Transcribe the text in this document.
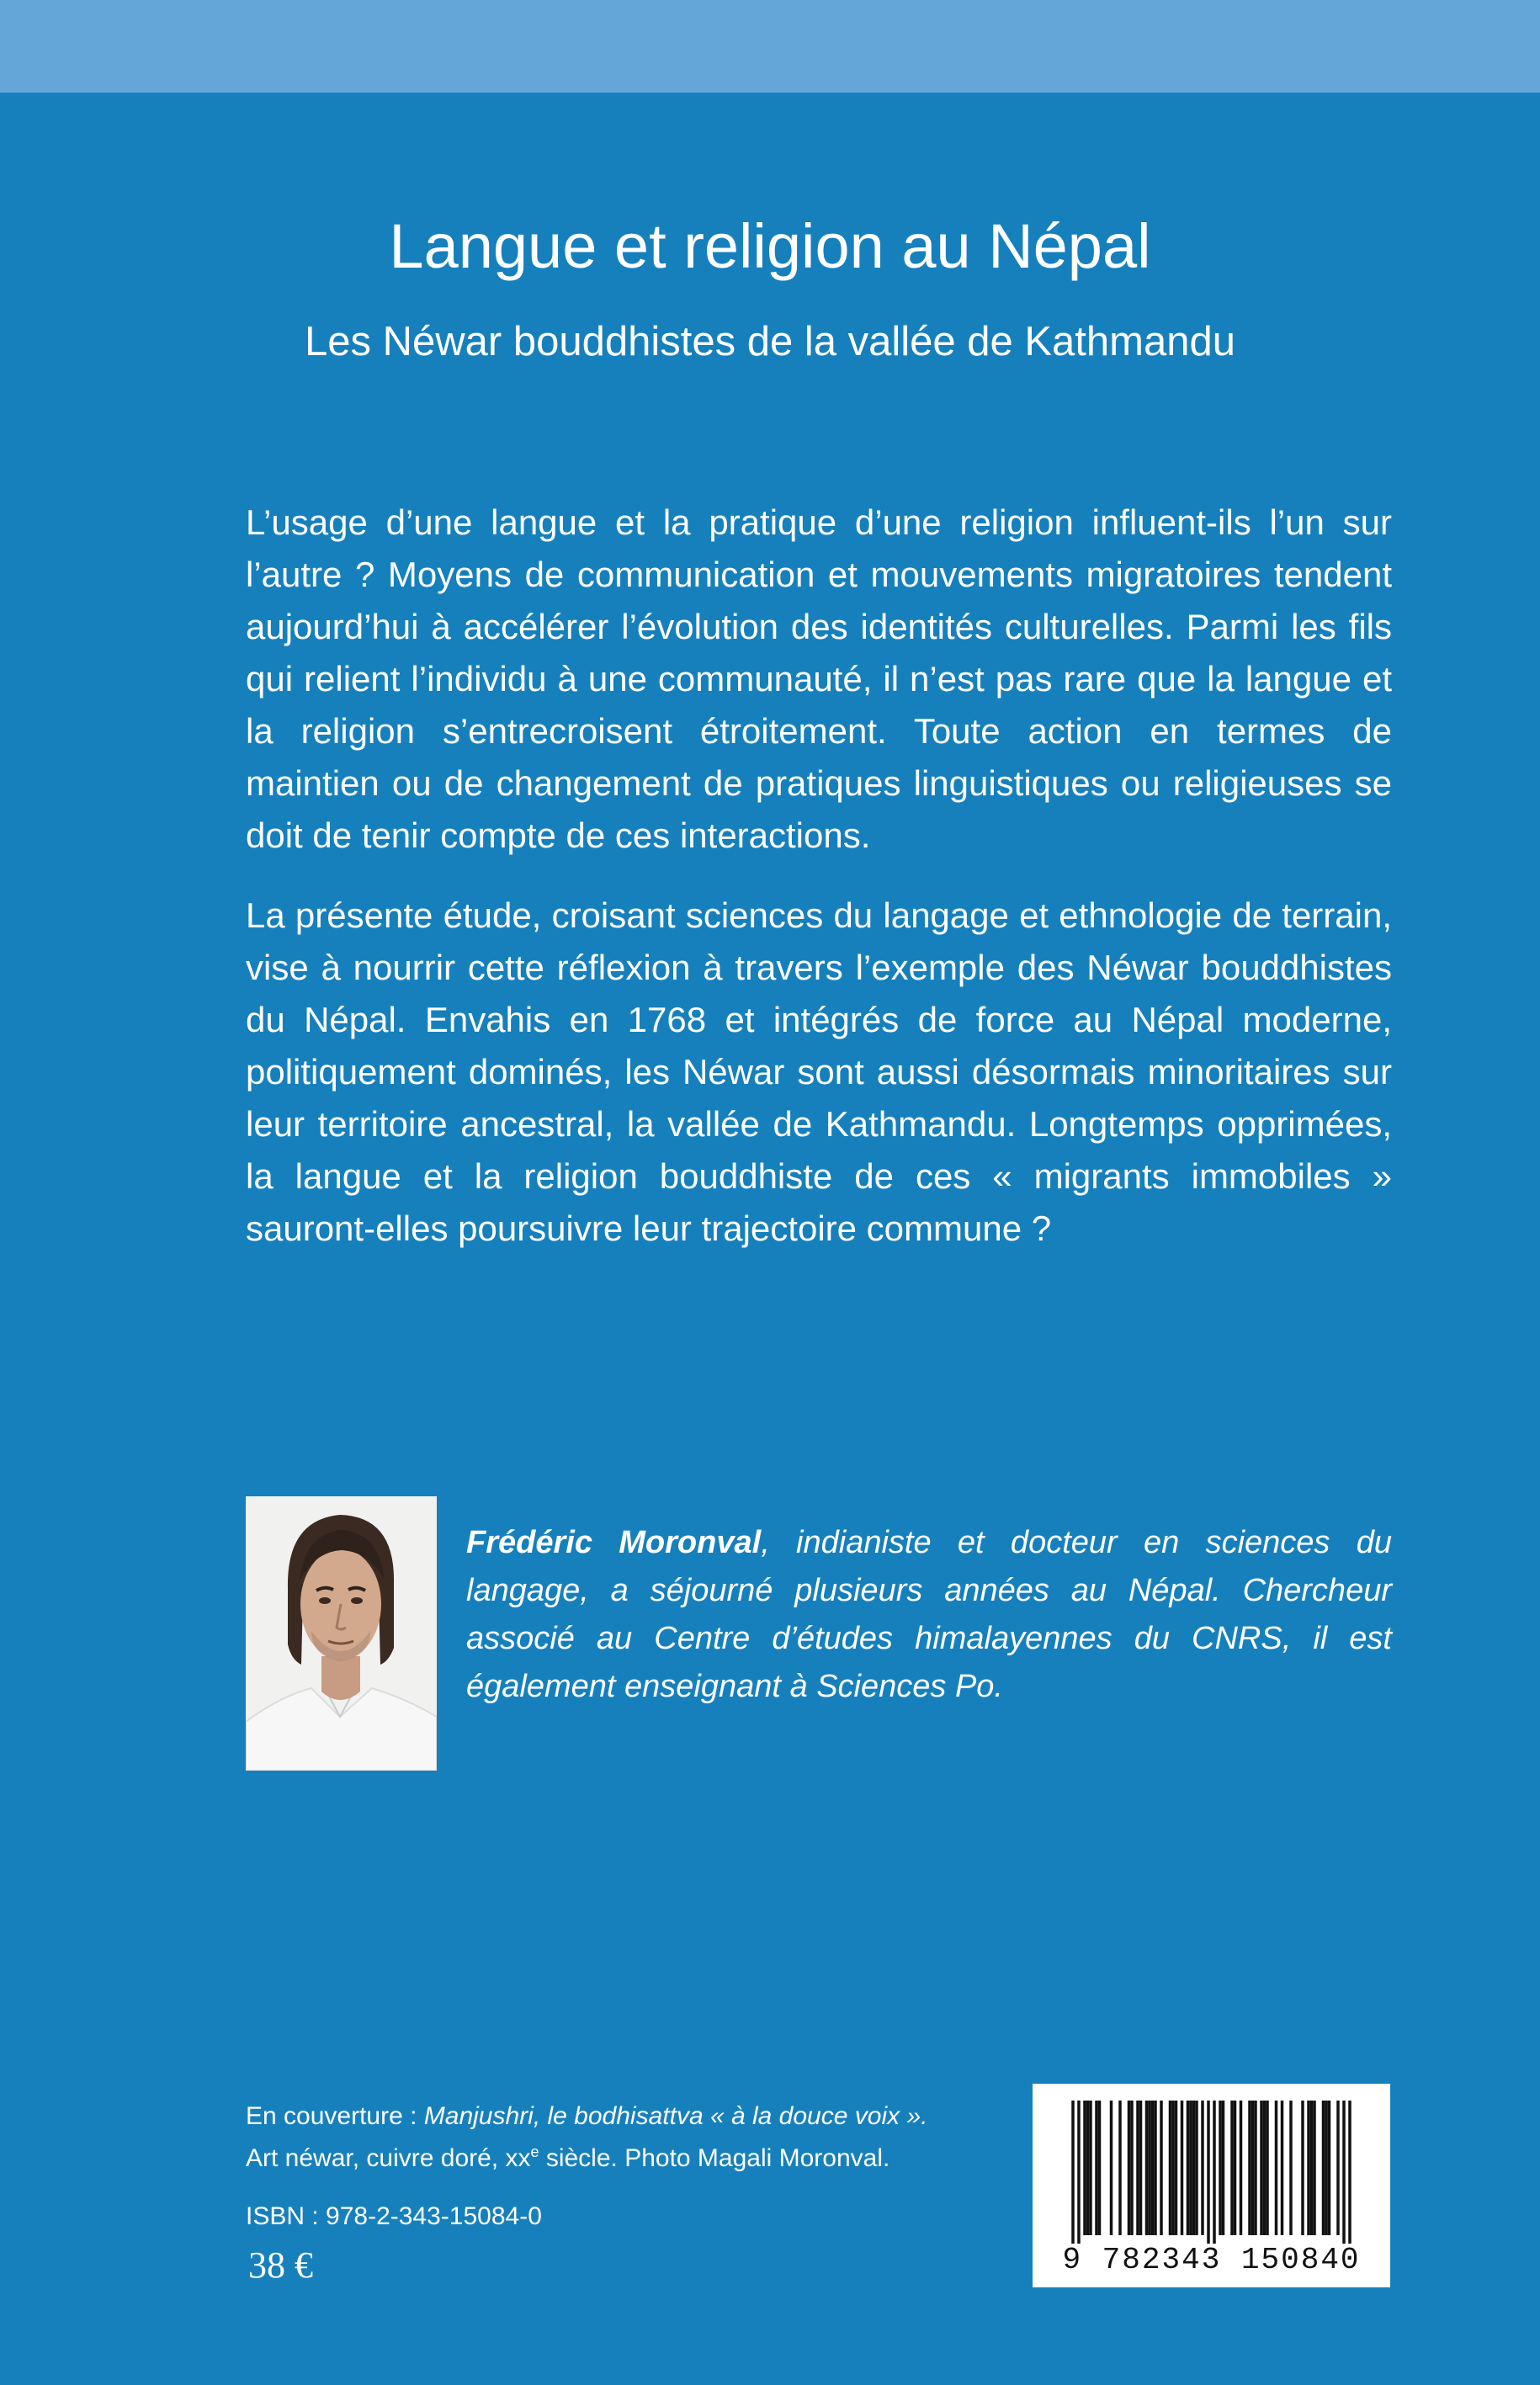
Langue et religion au Népal
Les Néwar bouddhistes de la vallée de Kathmandu

L’usage d’une langue et la pratique d’une religion influent-ils l’un sur l’autre ? Moyens de communication et mouvements migratoires tendent aujourd’hui à accélérer l’évolution des identités culturelles. Parmi les fils qui relient l’individu à une communauté, il n’est pas rare que la langue et la religion s’entrecroisent étroitement. Toute action en termes de maintien ou de changement de pratiques linguistiques ou religieuses se doit de tenir compte de ces interactions.

La présente étude, croisant sciences du langage et ethnologie de terrain, vise à nourrir cette réflexion à travers l’exemple des Néwar bouddhistes du Népal. Envahis en 1768 et intégrés de force au Népal moderne, politiquement dominés, les Néwar sont aussi désormais minoritaires sur leur territoire ancestral, la vallée de Kathmandu. Longtemps opprimées, la langue et la religion bouddhiste de ces « migrants immobiles » sauront-elles poursuivre leur trajectoire commune ?

Frédéric Moronval, indianiste et docteur en sciences du langage, a séjourné plusieurs années au Népal. Chercheur associé au Centre d’études himalayennes du CNRS, il est également enseignant à Sciences Po.

En couverture : Manjushri, le bodhisattva « à la douce voix ».
Art néwar, cuivre doré, $xx^e$ siècle. Photo Magali Moronval.

ISBN : 978-2-343-15084-0

38 €	9 782343 150840
